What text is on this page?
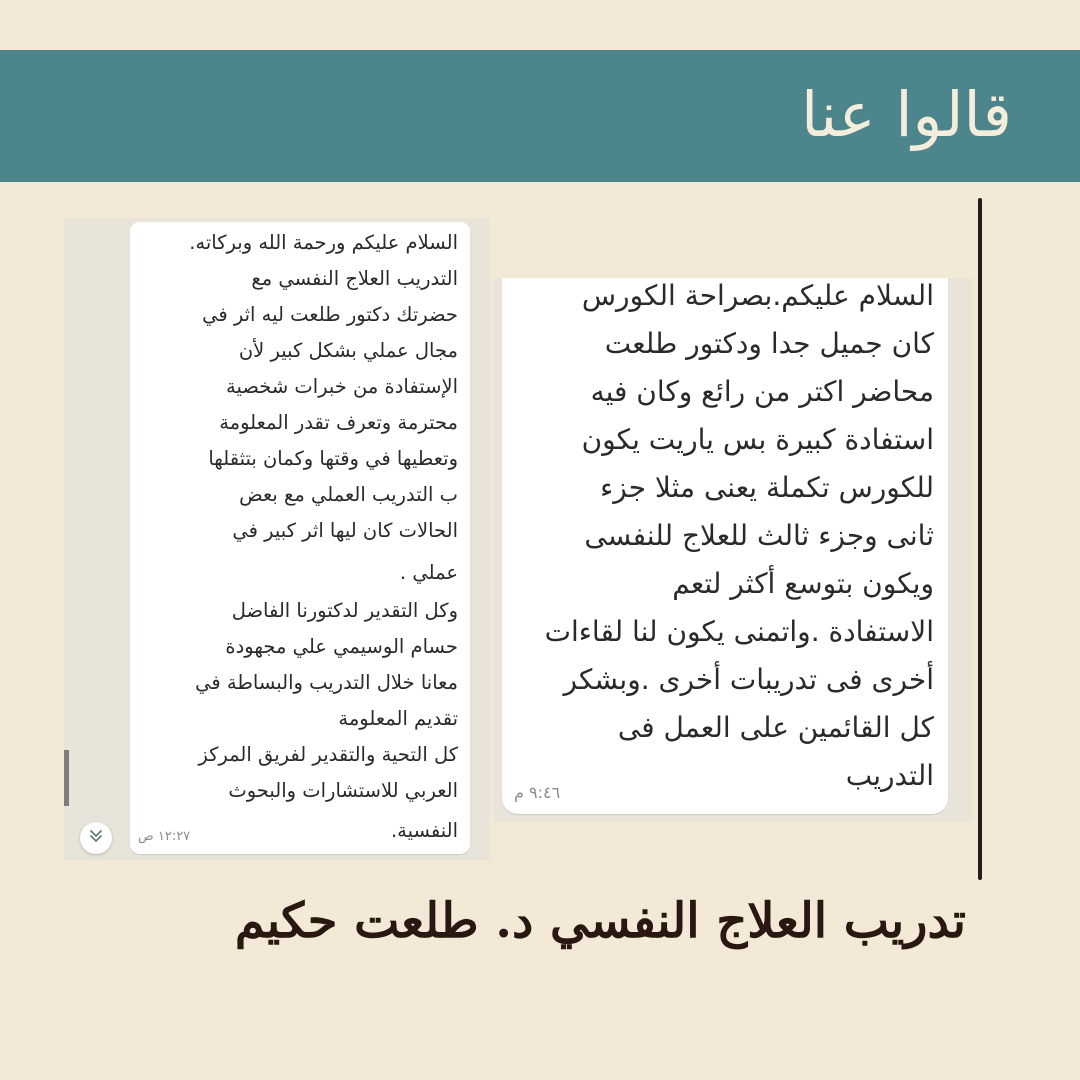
قالوا عنا
السلام عليكم ورحمة الله وبركاته.
التدريب العلاج النفسي مع
حضرتك دكتور طلعت ليه اثر في
مجال عملي بشكل كبير لأن
الإستفادة من خبرات شخصية
محترمة وتعرف تقدر المعلومة
وتعطيها في وقتها وكمان بتثقلها
ب التدريب العملي مع بعض
الحالات كان ليها اثر كبير في
عملي .
وكل التقدير لدكتورنا الفاضل
حسام الوسيمي علي مجهودة
معانا خلال التدريب والبساطة في
تقديم المعلومة
كل التحية والتقدير لفريق المركز
العربي للاستشارات والبحوث
النفسية.
١٢:٢٧ ص
السلام عليكم.بصراحة الكورس
كان جميل جدا ودكتور طلعت
محاضر اكتر من رائع وكان فيه
استفادة كبيرة بس ياريت يكون
للكورس تكملة يعنى مثلا جزء
ثانى وجزء ثالث للعلاج للنفسى
ويكون بتوسع أكثر لتعم
الاستفادة .واتمنى يكون لنا لقاءات
أخرى فى تدريبات أخرى .وبشكر
كل القائمين على العمل فى
التدريب
٩:٤٦ م
تدريب العلاج النفسي د. طلعت حكيم
